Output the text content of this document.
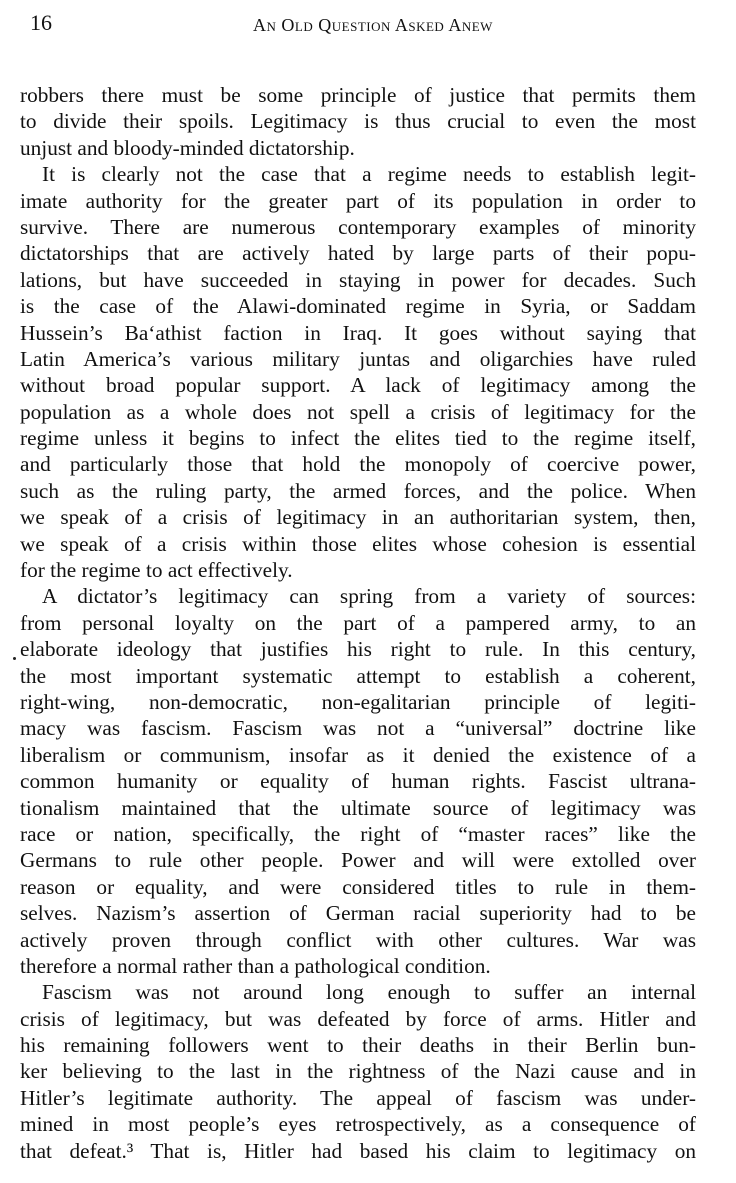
16	An Old Question Asked Anew
robbers there must be some principle of justice that permits them
to divide their spoils. Legitimacy is thus crucial to even the most
unjust and bloody-minded dictatorship.
It is clearly not the case that a regime needs to establish legit-
imate authority for the greater part of its population in order to
survive. There are numerous contemporary examples of minority
dictatorships that are actively hated by large parts of their popu-
lations, but have succeeded in staying in power for decades. Such
is the case of the Alawi-dominated regime in Syria, or Saddam
Hussein’s Ba‘athist faction in Iraq. It goes without saying that
Latin America’s various military juntas and oligarchies have ruled
without broad popular support. A lack of legitimacy among the
population as a whole does not spell a crisis of legitimacy for the
regime unless it begins to infect the elites tied to the regime itself,
and particularly those that hold the monopoly of coercive power,
such as the ruling party, the armed forces, and the police. When
we speak of a crisis of legitimacy in an authoritarian system, then,
we speak of a crisis within those elites whose cohesion is essential
for the regime to act effectively.
A dictator’s legitimacy can spring from a variety of sources:
from personal loyalty on the part of a pampered army, to an
elaborate ideology that justifies his right to rule. In this century,
the most important systematic attempt to establish a coherent,
right-wing, non-democratic, non-egalitarian principle of legiti-
macy was fascism. Fascism was not a “universal” doctrine like
liberalism or communism, insofar as it denied the existence of a
common humanity or equality of human rights. Fascist ultrana-
tionalism maintained that the ultimate source of legitimacy was
race or nation, specifically, the right of “master races” like the
Germans to rule other people. Power and will were extolled over
reason or equality, and were considered titles to rule in them-
selves. Nazism’s assertion of German racial superiority had to be
actively proven through conflict with other cultures. War was
therefore a normal rather than a pathological condition.
Fascism was not around long enough to suffer an internal
crisis of legitimacy, but was defeated by force of arms. Hitler and
his remaining followers went to their deaths in their Berlin bun-
ker believing to the last in the rightness of the Nazi cause and in
Hitler’s legitimate authority. The appeal of fascism was under-
mined in most people’s eyes retrospectively, as a consequence of
that defeat.³ That is, Hitler had based his claim to legitimacy on
